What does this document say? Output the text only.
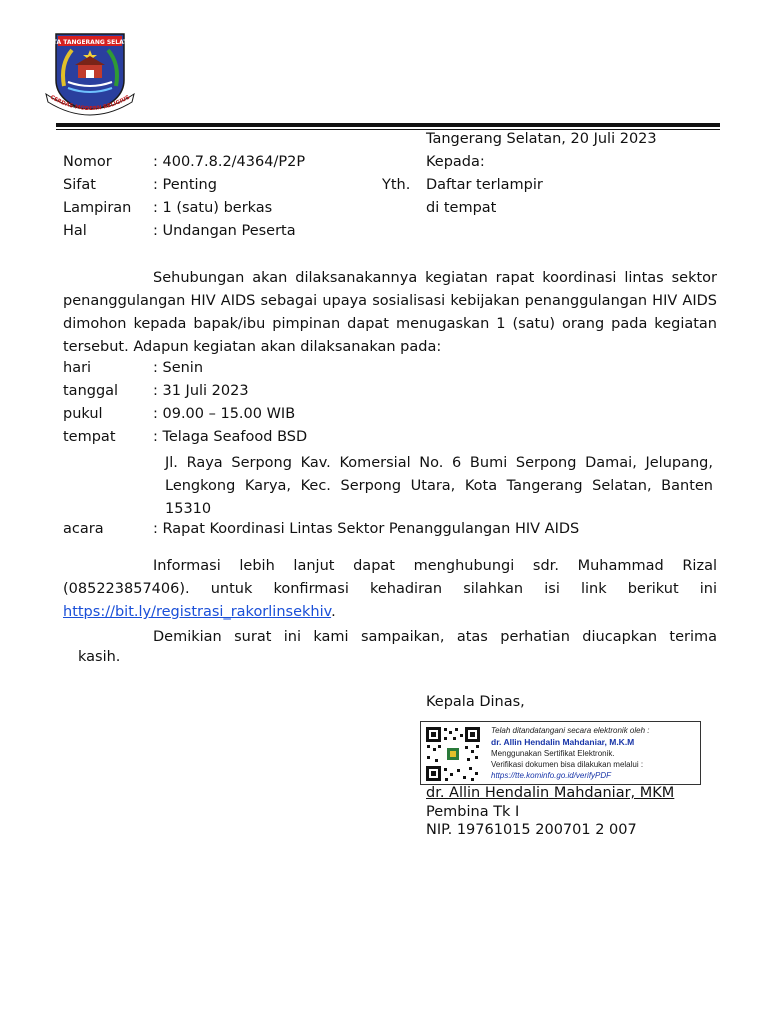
KOTA TANGERANG SELATAN
CERDAS MODERN RELIGIUS
Tangerang Selatan, 20 Juli 2023
Kepada:
Yth. Daftar terlampir
di tempat
Nomor	: 400.7.8.2/4364/P2P
Sifat	: Penting
Lampiran : 1 (satu) berkas
Hal	: Undangan Peserta
Sehubungan akan dilaksanakannya kegiatan rapat koordinasi lintas sektor penanggulangan HIV AIDS sebagai upaya sosialisasi kebijakan penanggulangan HIV AIDS dimohon kepada bapak/ibu pimpinan dapat menugaskan 1 (satu) orang pada kegiatan tersebut. Adapun kegiatan akan dilaksanakan pada:
hari	: Senin
tanggal : 31 Juli 2023
pukul	: 09.00 – 15.00 WIB
tempat	: Telaga Seafood BSD
Jl. Raya Serpong Kav. Komersial No. 6 Bumi Serpong Damai, Jelupang, Lengkong Karya, Kec. Serpong Utara, Kota Tangerang Selatan, Banten 15310
acara	: Rapat Koordinasi Lintas Sektor Penanggulangan HIV AIDS
Informasi lebih lanjut dapat menghubungi sdr. Muhammad Rizal (085223857406). untuk konfirmasi kehadiran silahkan isi link berikut ini https://bit.ly/registrasi_rakorlinsekhiv.
Demikian surat ini kami sampaikan, atas perhatian diucapkan terima
kasih.
Kepala Dinas,
Telah ditandatangani secara elektronik oleh :
dr. Allin Hendalin Mahdaniar, M.K.M
Menggunakan Sertifikat Elektronik.
Verifikasi dokumen bisa dilakukan melalui :
https://tte.kominfo.go.id/verifyPDF
dr. Allin Hendalin Mahdaniar, MKM
Pembina Tk I
NIP. 19761015 200701 2 007
